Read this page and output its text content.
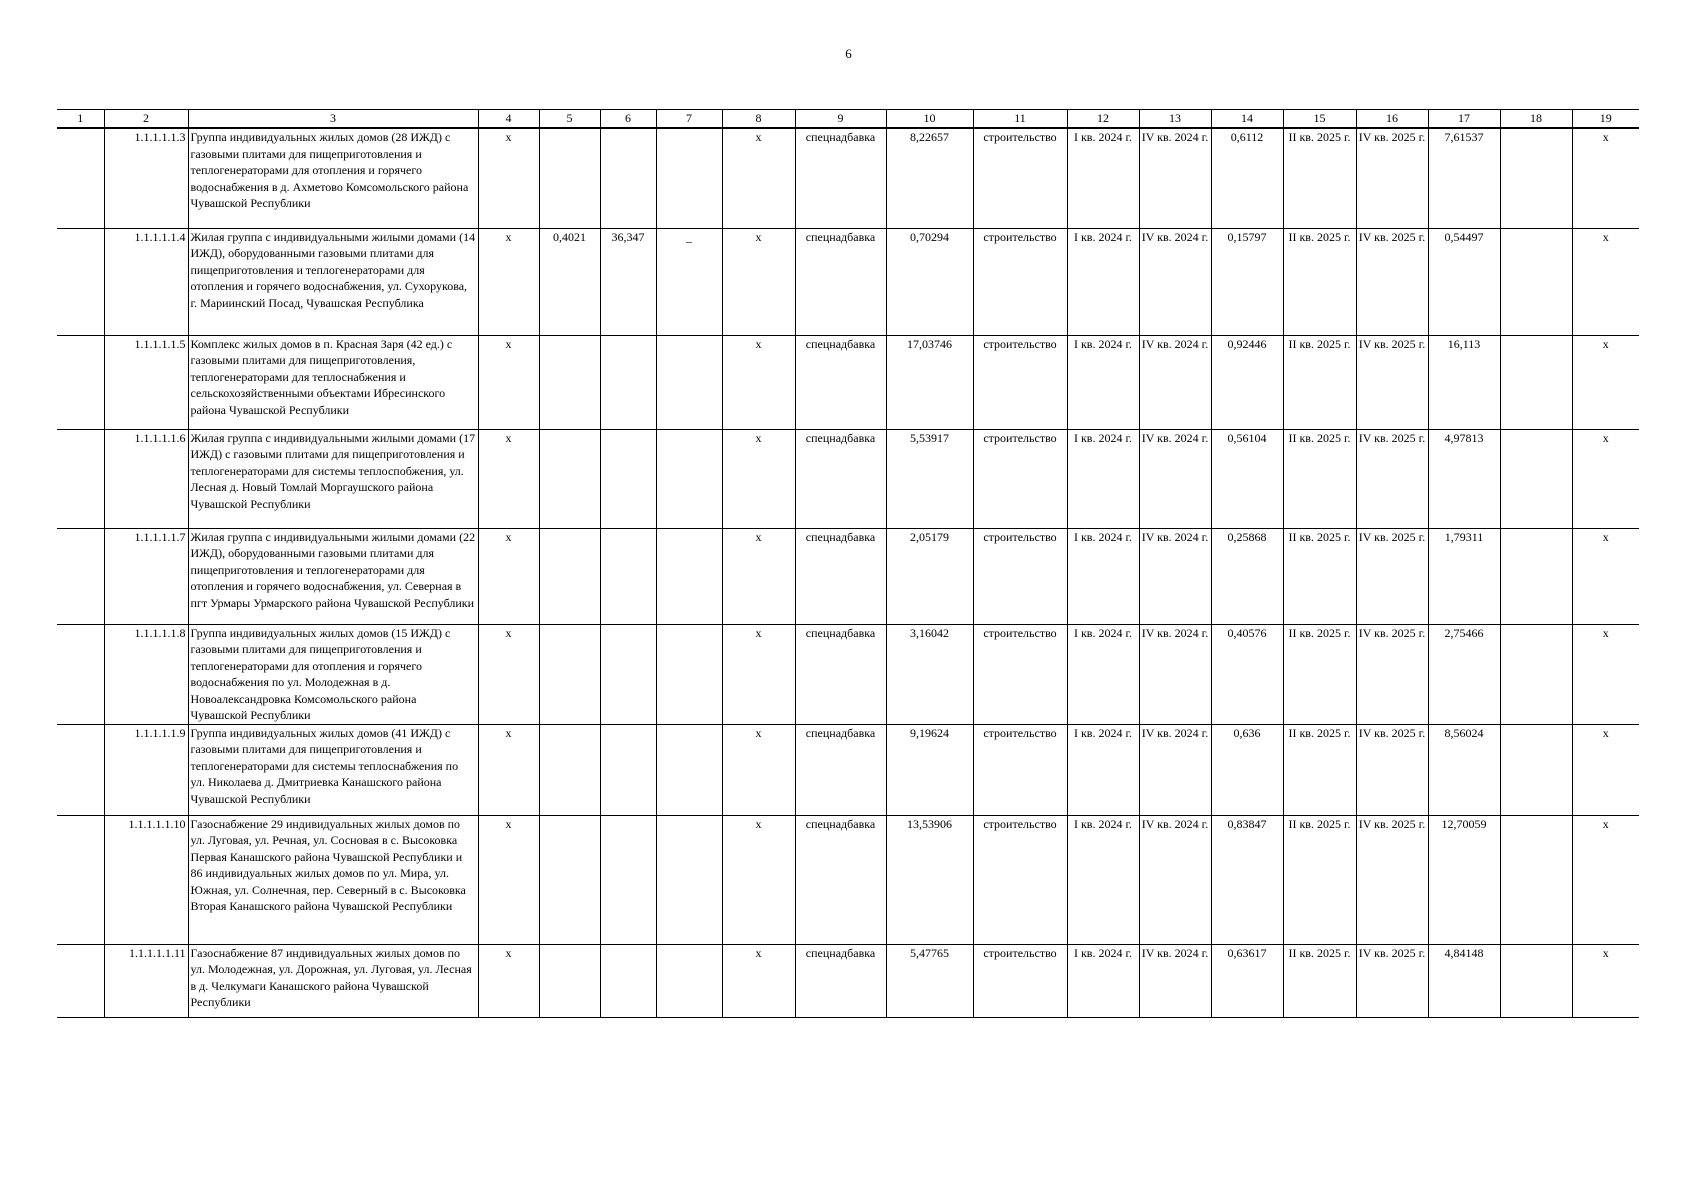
6
1	2	3	4	5	6	7	8	9	10	11	12	13	14	15	16	17	18	19
	1.1.1.1.1.3	Группа индивидуальных жилых домов (28 ИЖД) с газовыми плитами для пищеприготовления и теплогенераторами для отопления и горячего водоснабжения в д. Ахметово Комсомольского района Чувашской Республики	х				х	спецнадбавка	8,22657	строительство	I кв. 2024 г.	IV кв. 2024 г.	0,6112	II кв. 2025 г.	IV кв. 2025 г.	7,61537		х
	1.1.1.1.1.4	Жилая группа с индивидуальными жилыми домами (14 ИЖД), оборудованными газовыми плитами для пищеприготовления и теплогенераторами для отопления и горячего водоснабжения, ул. Сухорукова, г. Мариинский Посад, Чувашская Республика	х	0,4021	36,347	_	х	спецнадбавка	0,70294	строительство	I кв. 2024 г.	IV кв. 2024 г.	0,15797	II кв. 2025 г.	IV кв. 2025 г.	0,54497		х
	1.1.1.1.1.5	Комплекс жилых домов в п. Красная Заря (42 ед.) с газовыми плитами для пищеприготовления, теплогенераторами для теплоснабжения и сельскохозяйственными объектами Ибресинского района Чувашской Республики	х				х	спецнадбавка	17,03746	строительство	I кв. 2024 г.	IV кв. 2024 г.	0,92446	II кв. 2025 г.	IV кв. 2025 г.	16,113		х
	1.1.1.1.1.6	Жилая группа с индивидуальными жилыми домами (17 ИЖД) с газовыми плитами для пищеприготовления и теплогенераторами для системы теплоспобжения, ул. Лесная д. Новый Томлай Моргаушского района Чувашской Республики	х				х	спецнадбавка	5,53917	строительство	I кв. 2024 г.	IV кв. 2024 г.	0,56104	II кв. 2025 г.	IV кв. 2025 г.	4,97813		х
	1.1.1.1.1.7	Жилая группа с индивидуальными жилыми домами (22 ИЖД), оборудованными газовыми плитами для пищеприготовления и теплогенераторами для отопления и горячего водоснабжения, ул. Северная в пгт Урмары Урмарского района Чувашской Республики	х				х	спецнадбавка	2,05179	строительство	I кв. 2024 г.	IV кв. 2024 г.	0,25868	II кв. 2025 г.	IV кв. 2025 г.	1,79311		х
	1.1.1.1.1.8	Группа индивидуальных жилых домов (15 ИЖД) с газовыми плитами для пищеприготовления и теплогенераторами для отопления и горячего водоснабжения по ул. Молодежная в д. Новоалександровка Комсомольского района Чувашской Республики	х				х	спецнадбавка	3,16042	строительство	I кв. 2024 г.	IV кв. 2024 г.	0,40576	II кв. 2025 г.	IV кв. 2025 г.	2,75466		х
	1.1.1.1.1.9	Группа индивидуальных жилых домов (41 ИЖД) с газовыми плитами для пищеприготовления и теплогенераторами для системы теплоснабжения по ул. Николаева д. Дмитриевка Канашского района Чувашской Республики	х				х	спецнадбавка	9,19624	строительство	I кв. 2024 г.	IV кв. 2024 г.	0,636	II кв. 2025 г.	IV кв. 2025 г.	8,56024		х
	1.1.1.1.1.10	Газоснабжение 29 индивидуальных жилых домов по ул. Луговая, ул. Речная, ул. Сосновая в с. Высоковка Первая Канашского района Чувашской Республики и 86 индивидуальных жилых домов по ул. Мира, ул. Южная, ул. Солнечная, пер. Северный в с. Высоковка Вторая Канашского района Чувашской Республики	х				х	спецнадбавка	13,53906	строительство	I кв. 2024 г.	IV кв. 2024 г.	0,83847	II кв. 2025 г.	IV кв. 2025 г.	12,70059		х
	1.1.1.1.1.11	Газоснабжение 87 индивидуальных жилых домов по ул. Молодежная, ул. Дорожная, ул. Луговая, ул. Лесная в д. Челкумаги Канашского района Чувашской Республики	х				х	спецнадбавка	5,47765	строительство	I кв. 2024 г.	IV кв. 2024 г.	0,63617	II кв. 2025 г.	IV кв. 2025 г.	4,84148		х
